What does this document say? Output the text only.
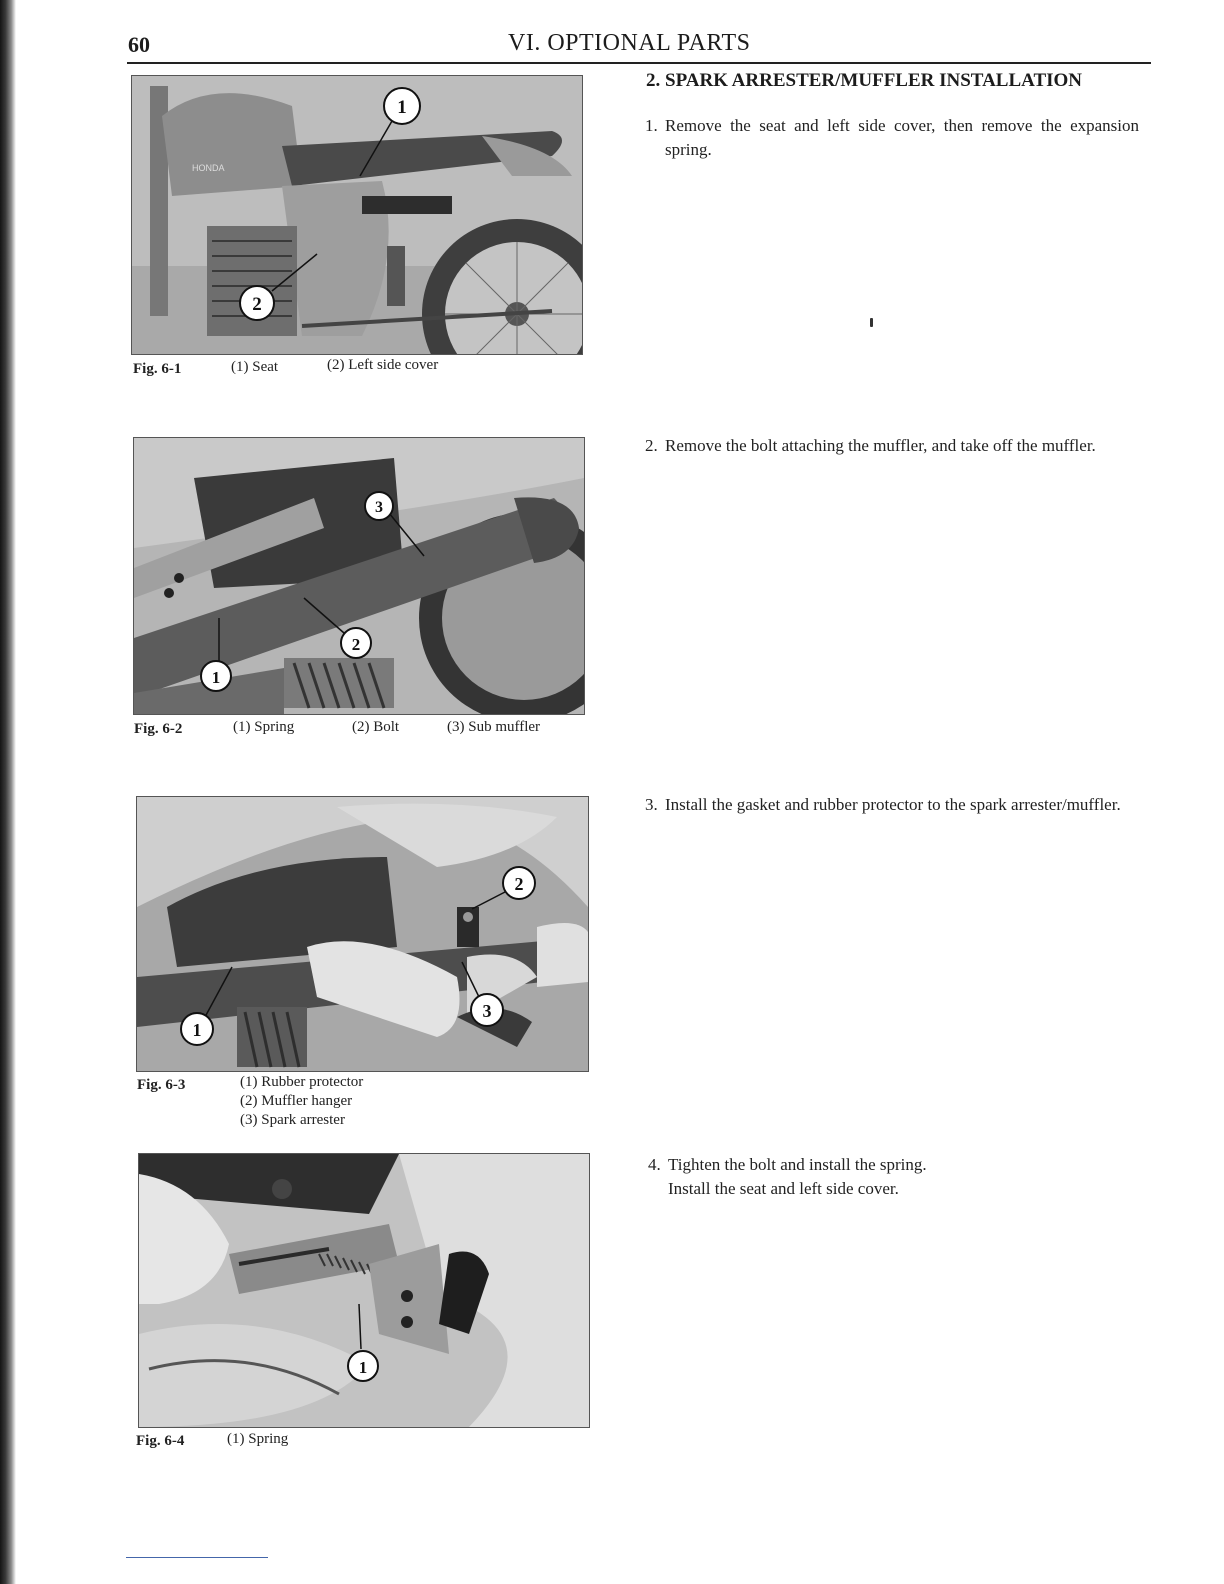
60	VI. OPTIONAL PARTS
HONDA
1
2
Fig. 6-1	(1) Seat	(2) Left side cover
3
2
1
Fig. 6-2	(1) Spring	(2) Bolt	(3) Sub muffler
2
3
1
Fig. 6-3	(1) Rubber protector
(2) Muffler hanger
(3) Spark arrester
1
Fig. 6-4	(1) Spring
2. SPARK ARRESTER/MUFFLER INSTALLATION
1. Remove the seat and left side cover, then remove the expansion spring.
2. Remove the bolt attaching the muffler, and take off the muffler.
3. Install the gasket and rubber protector to the spark arrester/muffler.
4. Tighten the bolt and install the spring.
Install the seat and left side cover.
